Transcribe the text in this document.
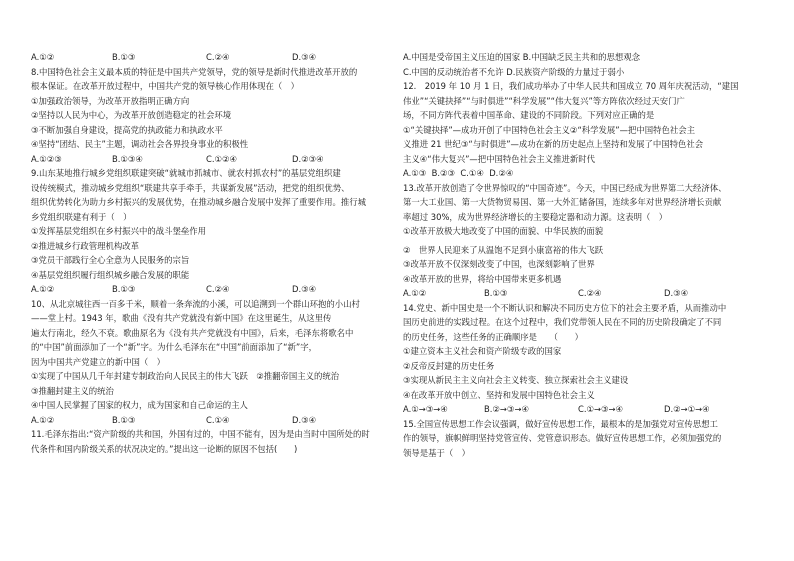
A.①②	B.①③	C.②④	D.③④

8.中国特色社会主义最本质的特征是中国共产党领导，党的领导是新时代推进改革开放的

根本保证。在改革开放过程中，中国共产党的领导核心作用体现在（　）

①加强政治领导，为改革开放指明正确方向

②坚持以人民为中心，为改革开放创造稳定的社会环境

③不断加强自身建设，提高党的执政能力和执政水平

④坚持“团结、民主”主题，调动社会各界投身事业的积极性

A.①②③	B.①③④	C.①②④	D.②③④

9.山东某地推行城乡党组织联建突破“就城市抓城市、就农村抓农村”的基层党组织建

设传统模式，推动城乡党组织“联建共享手牵手，共谋新发展”活动，把党的组织优势、

组织优势转化为助力乡村振兴的发展优势，在推动城乡融合发展中发挥了重要作用。推行城

乡党组织联建有利于（　）

①发挥基层党组织在乡村振兴中的战斗堡垒作用

②推进城乡行政管理机构改革

③党员干部践行全心全意为人民服务的宗旨

④基层党组织履行组织城乡融合发展的职能

A.①②	B.①③	C.②④	D.③④

10、从北京城往西一百多千米，顺着一条奔流的小溪，可以追溯到一个群山环抱的小山村

——堂上村。1943 年，歌曲《没有共产党就没有新中国》在这里诞生，从这里传

遍太行南北，经久不衰。歌曲原名为《没有共产党就没有中国》，后来，毛泽东将歌名中

的“中国”前面添加了一个“新”字。为什么毛泽东在“中国”前面添加了“新”字，

因为中国共产党建立的新中国（　）

①实现了中国从几千年封建专制政治向人民民主的伟大飞跃　②推翻帝国主义的统治

③推翻封建主义的统治

④中国人民掌握了国家的权力，成为国家和自己命运的主人

A.①②	B.①③	C.①④	D.③④

11.毛泽东指出:“资产阶级的共和国，外国有过的，中国不能有，因为是由当时中国所处的时

代条件和国内阶级关系的状况决定的。”提出这一论断的原因不包括(　　)

A.中国是受帝国主义压迫的国家 B.中国缺乏民主共和的思想观念

C.中国的反动统治者不允许 D.民族资产阶级的力量过于弱小

12.　2019 年 10 月 1 日，我们成功举办了中华人民共和国成立 70 周年庆祝活动，“建国

伟业”“关键抉择”“与时俱进”“科学发展”“伟大复兴”等方阵依次经过天安门广

场，不同方阵代表着中国革命、建设的不同阶段。下列对应正确的是

①“关键抉择”—成功开创了中国特色社会主义②“科学发展”—把中国特色社会主

义推进 21 世纪③“与时俱进”—成功在新的历史起点上坚持和发展了中国特色社会

主义④“伟大复兴”—把中国特色社会主义推进新时代

A.①③ B.②③ C.①④ D.②④

13.改革开放创造了令世界惊叹的“中国奇迹”。今天，中国已经成为世界第二大经济体、

第一大工业国、第一大货物贸易国、第一大外汇储备国，连续多年对世界经济增长贡献

率超过 30%，成为世界经济增长的主要稳定器和动力源。这表明（　）

①改革开放极大地改变了中国的面貌、中华民族的面貌

②　世界人民迎来了从温饱不足到小康富裕的伟大飞跃

③改革开放不仅深刻改变了中国，也深刻影响了世界

④改革开放的世界，将给中国带来更多机遇

A.①②	B.①③	C.②④	D.③④

14.党史、新中国史是一个不断认识和解决不同历史方位下的社会主要矛盾，从而推动中

国历史前进的实践过程。在这个过程中，我们党带领人民在不同的历史阶段确定了不同

的历史任务，这些任务的正确顺序是　　（　　）

①建立资本主义社会和资产阶级专政的国家

②反帝反封建的历史任务

③实现从新民主主义向社会主义转变、独立探索社会主义建设

④在改革开放中创立、坚持和发展中国特色社会主义

A.①→③→④	B.②→③→④	C.①→③→④	D.②→①→④

15.全国宣传思想工作会议强调，做好宣传思想工作，最根本的是加强党对宣传思想工

作的领导，旗帜鲜明坚持党管宣传、党管意识形态。做好宣传思想工作，必须加强党的

领导是基于（　）
